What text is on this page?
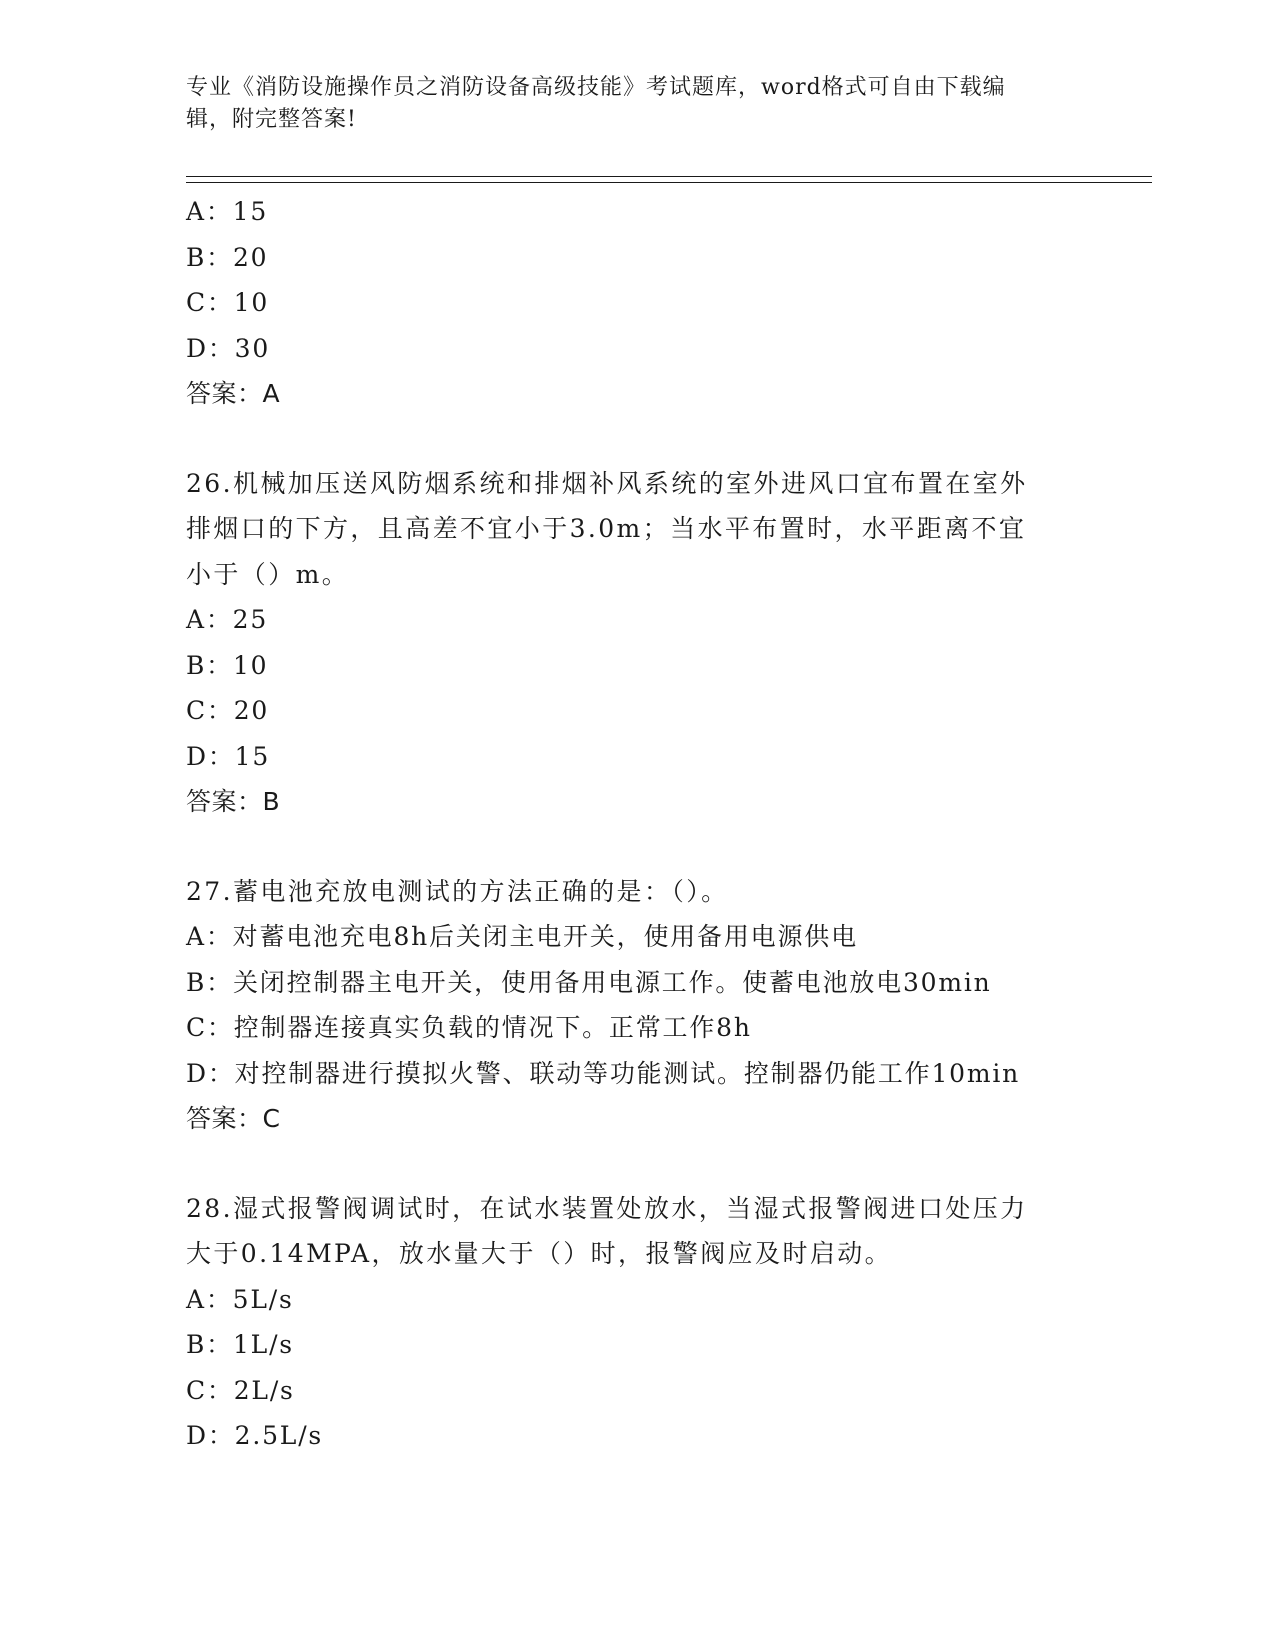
专业《消防设施操作员之消防设备高级技能》考试题库，word格式可自由下载编
辑，附完整答案!
A：15
B：20
C：10
D：30
答案：A
26.机械加压送风防烟系统和排烟补风系统的室外进风口宜布置在室外
排烟口的下方，且高差不宜小于3.0m；当水平布置时，水平距离不宜
小于（）m。
A：25
B：10
C：20
D：15
答案：B
27.蓄电池充放电测试的方法正确的是：（）。
A：对蓄电池充电8h后关闭主电开关，使用备用电源供电
B：关闭控制器主电开关，使用备用电源工作。使蓄电池放电30min
C：控制器连接真实负载的情况下。正常工作8h
D：对控制器进行摸拟火警、联动等功能测试。控制器仍能工作10min
答案：C
28.湿式报警阀调试时，在试水装置处放水，当湿式报警阀进口处压力
大于0.14MPA，放水量大于（）时，报警阀应及时启动。
A：5L/s
B：1L/s
C：2L/s
D：2.5L/s
